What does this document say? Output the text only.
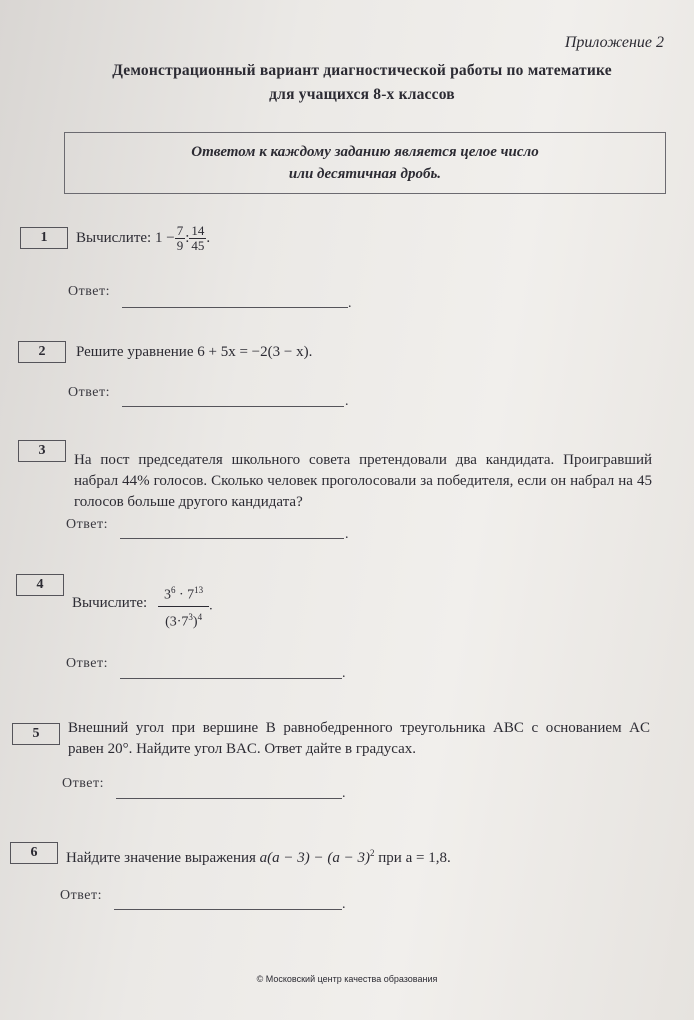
Приложение 2
Демонстрационный вариант диагностической работы по математике
для учащихся 8-х классов
Ответом к каждому заданию является целое число
или десятичная дробь.
1	Вычислите: $1 - \frac{7}{9}$ : $\frac{14}{45}$ .
Ответ:
.
2	Решите уравнение 6 + 5x = −2(3 − x).
Ответ:
.
3
На пост председателя школьного совета претендовали два кандидата. Проигравший набрал 44% голосов. Сколько человек проголосовали за победителя, если он набрал на 45 голосов больше другого кандидата?
Ответ:
.
4
Вычислите: $\frac{3^6 \cdot 7^{13}}{(3\cdot 7^3)^4}$ .
Ответ:
.
5	Внешний угол при вершине B равнобедренного треугольника ABC с основанием AC равен 20°. Найдите угол BAC. Ответ дайте в градусах.
Ответ:
.
6	Найдите значение выражения $a(a - 3) - (a - 3)^2$ при a = 1,8.
Ответ:
.
© Московский центр качества образования
